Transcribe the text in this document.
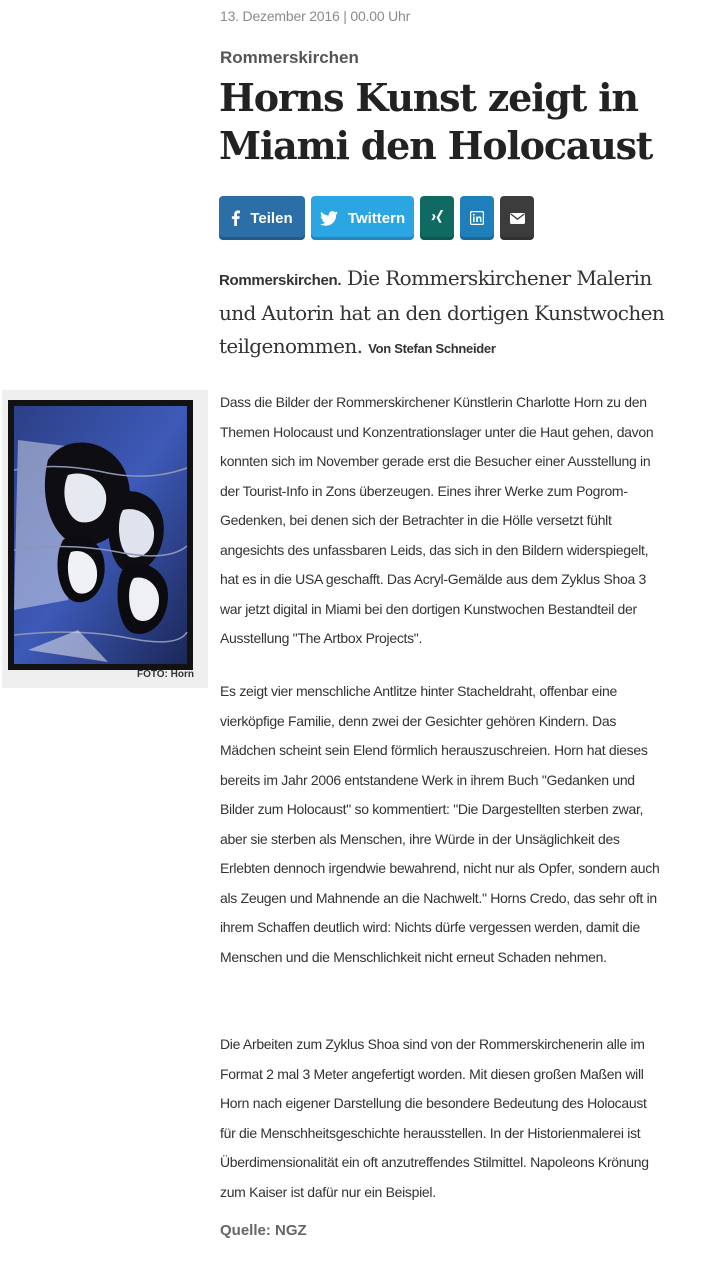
13. Dezember 2016 | 00.00 Uhr
Rommerskirchen
Horns Kunst zeigt in Miami den Holocaust
Teilen	Twittern
Rommerskirchen. Die Rommerskirchener Malerin und Autorin hat an den dortigen Kunstwochen teilgenommen. Von Stefan Schneider
FOTO: Horn

Dass die Bilder der Rommerskirchener Künstlerin Charlotte Horn zu den Themen Holocaust und Konzentrationslager unter die Haut gehen, davon konnten sich im November gerade erst die Besucher einer Ausstellung in der Tourist-Info in Zons überzeugen. Eines ihrer Werke zum Pogrom-Gedenken, bei denen sich der Betrachter in die Hölle versetzt fühlt angesichts des unfassbaren Leids, das sich in den Bildern widerspiegelt, hat es in die USA geschafft. Das Acryl-Gemälde aus dem Zyklus Shoa 3 war jetzt digital in Miami bei den dortigen Kunstwochen Bestandteil der Ausstellung "The Artbox Projects".

Es zeigt vier menschliche Antlitze hinter Stacheldraht, offenbar eine vierköpfige Familie, denn zwei der Gesichter gehören Kindern. Das Mädchen scheint sein Elend förmlich herauszuschreien. Horn hat dieses bereits im Jahr 2006 entstandene Werk in ihrem Buch "Gedanken und Bilder zum Holocaust" so kommentiert: "Die Dargestellten sterben zwar, aber sie sterben als Menschen, ihre Würde in der Unsäglichkeit des Erlebten dennoch irgendwie bewahrend, nicht nur als Opfer, sondern auch als Zeugen und Mahnende an die Nachwelt." Horns Credo, das sehr oft in ihrem Schaffen deutlich wird: Nichts dürfe vergessen werden, damit die Menschen und die Menschlichkeit nicht erneut Schaden nehmen.

Die Arbeiten zum Zyklus Shoa sind von der Rommerskirchenerin alle im Format 2 mal 3 Meter angefertigt worden. Mit diesen großen Maßen will Horn nach eigener Darstellung die besondere Bedeutung des Holocaust für die Menschheitsgeschichte herausstellen. In der Historienmalerei ist Überdimensionalität ein oft anzutreffendes Stilmittel. Napoleons Krönung zum Kaiser ist dafür nur ein Beispiel.

Quelle: NGZ
